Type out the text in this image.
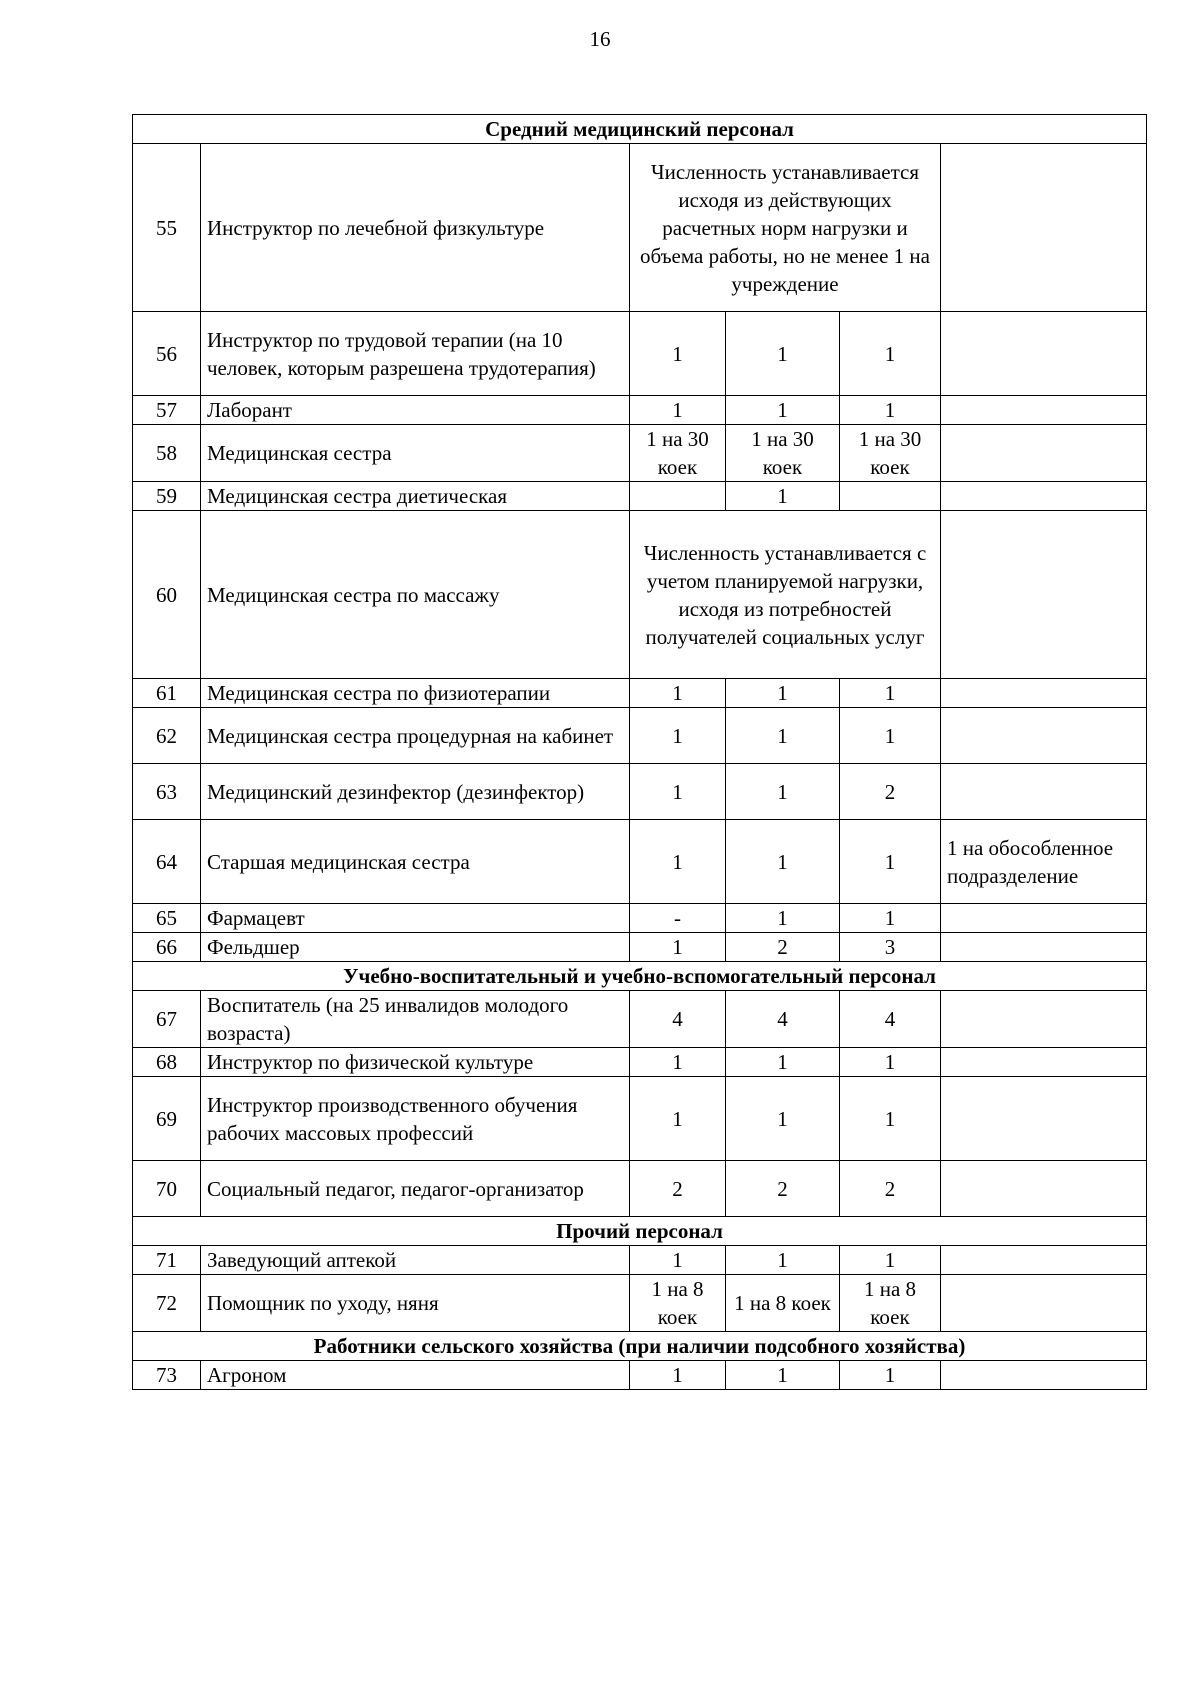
16
Средний медицинский персонал					
55	Инструктор по лечебной физкультуре	Численность устанавливается исходя из действующих расчетных норм нагрузки и объема работы, но не менее 1 на учреждение			
56	Инструктор по трудовой терапии (на 10 человек, которым разрешена трудотерапия)	1	1	1	
57	Лаборант	1	1	1	
58	Медицинская сестра	1 на 30 коек	1 на 30 коек	1 на 30 коек	
59	Медицинская сестра диетическая		1		
60	Медицинская сестра по массажу	Численность устанавливается с учетом планируемой нагрузки, исходя из потребностей получателей социальных услуг			
61	Медицинская сестра по физиотерапии	1	1	1	
62	Медицинская сестра процедурная на кабинет	1	1	1	
63	Медицинский дезинфектор (дезинфектор)	1	1	2	
64	Старшая медицинская сестра	1	1	1	1 на обособленное подразделение
65	Фармацевт	-	1	1	
66	Фельдшер	1	2	3	
Учебно-воспитательный и учебно-вспомогательный персонал					
67	Воспитатель (на 25 инвалидов молодого возраста)	4	4	4	
68	Инструктор по физической культуре	1	1	1	
69	Инструктор производственного обучения рабочих массовых профессий	1	1	1	
70	Социальный педагог, педагог-организатор	2	2	2	
Прочий персонал					
71	Заведующий аптекой	1	1	1	
72	Помощник по уходу, няня	1 на 8 коек	1 на 8 коек	1 на 8 коек	
Работники сельского хозяйства (при наличии подсобного хозяйства)					
73	Агроном	1	1	1	
